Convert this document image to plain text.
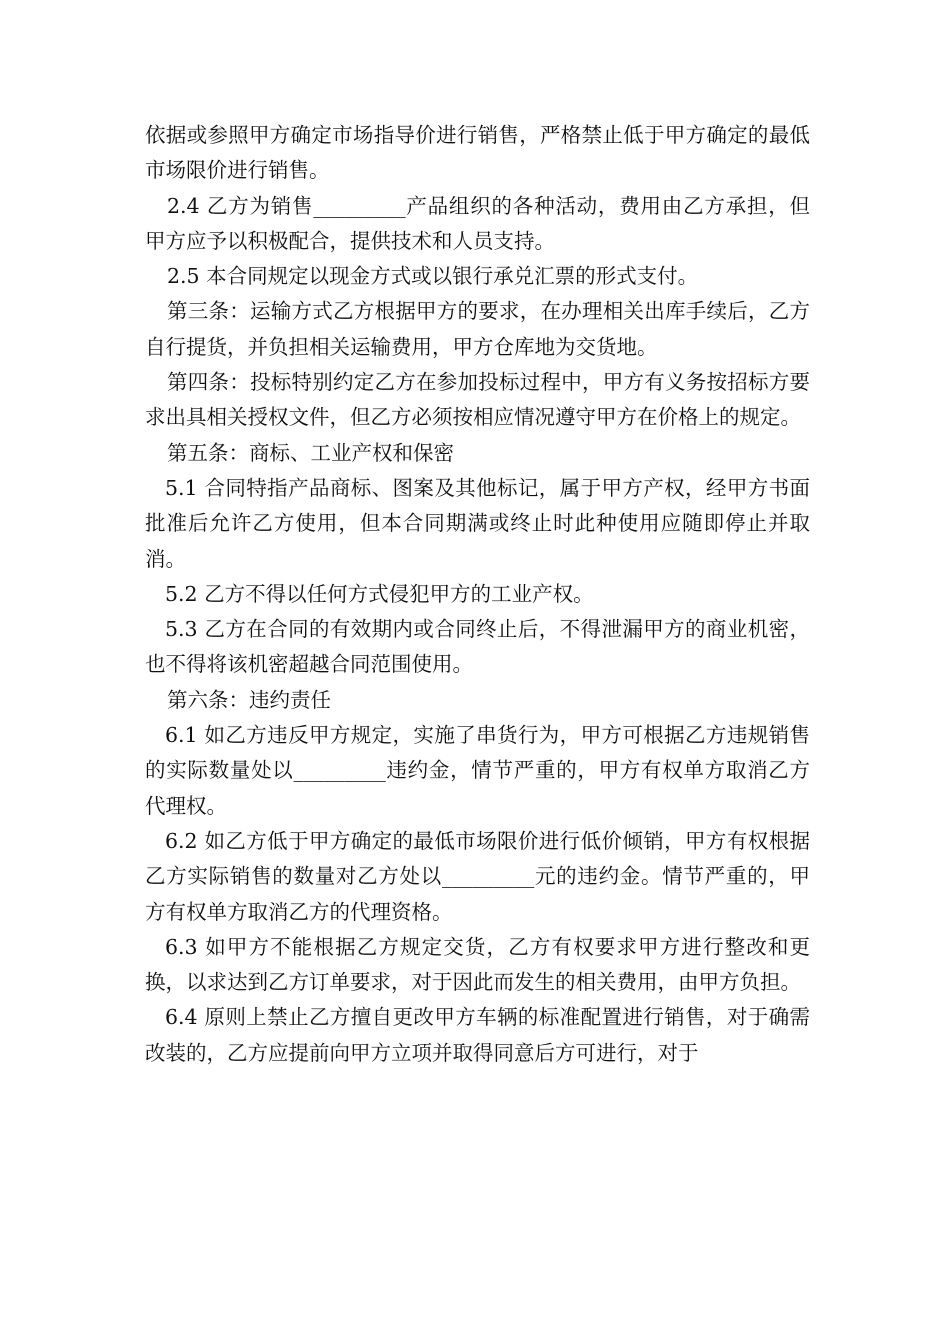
依据或参照甲方确定市场指导价进行销售，严格禁止低于甲方确定的最低市场限价进行销售。

2.4 乙方为销售_________产品组织的各种活动，费用由乙方承担，但甲方应予以积极配合，提供技术和人员支持。

2.5 本合同规定以现金方式或以银行承兑汇票的形式支付。

第三条：运输方式乙方根据甲方的要求，在办理相关出库手续后，乙方自行提货，并负担相关运输费用，甲方仓库地为交货地。

第四条：投标特别约定乙方在参加投标过程中，甲方有义务按招标方要求出具相关授权文件，但乙方必须按相应情况遵守甲方在价格上的规定。

第五条：商标、工业产权和保密

5.1 合同特指产品商标、图案及其他标记，属于甲方产权，经甲方书面批准后允许乙方使用，但本合同期满或终止时此种使用应随即停止并取消。

5.2 乙方不得以任何方式侵犯甲方的工业产权。

5.3 乙方在合同的有效期内或合同终止后，不得泄漏甲方的商业机密，也不得将该机密超越合同范围使用。

第六条：违约责任

6.1 如乙方违反甲方规定，实施了串货行为，甲方可根据乙方违规销售的实际数量处以_________违约金，情节严重的，甲方有权单方取消乙方代理权。

6.2 如乙方低于甲方确定的最低市场限价进行低价倾销，甲方有权根据乙方实际销售的数量对乙方处以_________元的违约金。情节严重的，甲方有权单方取消乙方的代理资格。

6.3 如甲方不能根据乙方规定交货，乙方有权要求甲方进行整改和更换，以求达到乙方订单要求，对于因此而发生的相关费用，由甲方负担。

6.4 原则上禁止乙方擅自更改甲方车辆的标准配置进行销售，对于确需改装的，乙方应提前向甲方立项并取得同意后方可进行，对于
